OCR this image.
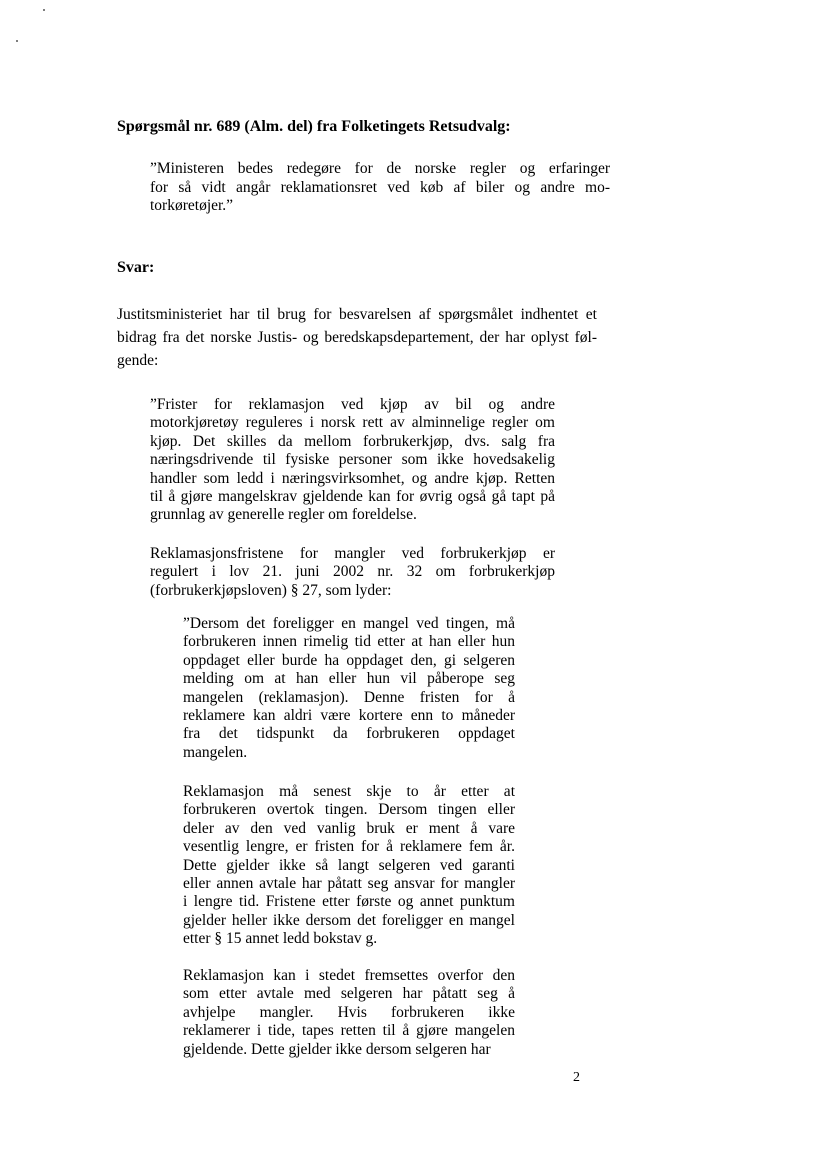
Spørgsmål nr. 689 (Alm. del) fra Folketingets Retsudvalg:
”Ministeren bedes redegøre for de norske regler og erfaringer
for så vidt angår reklamationsret ved køb af biler og andre mo-
torkøretøjer.”
Svar:
Justitsministeriet har til brug for besvarelsen af spørgsmålet indhentet et
bidrag fra det norske Justis- og beredskapsdepartement, der har oplyst føl-
gende:
”Frister for reklamasjon ved kjøp av bil og andre
motorkjøretøy reguleres i norsk rett av alminnelige regler om
kjøp. Det skilles da mellom forbrukerkjøp, dvs. salg fra
næringsdrivende til fysiske personer som ikke hovedsakelig
handler som ledd i næringsvirksomhet, og andre kjøp. Retten
til å gjøre mangelskrav gjeldende kan for øvrig også gå tapt på
grunnlag av generelle regler om foreldelse.
Reklamasjonsfristene for mangler ved forbrukerkjøp er
regulert i lov 21. juni 2002 nr. 32 om forbrukerkjøp
(forbrukerkjøpsloven) § 27, som lyder:
”Dersom det foreligger en mangel ved tingen, må
forbrukeren innen rimelig tid etter at han eller hun
oppdaget eller burde ha oppdaget den, gi selgeren
melding om at han eller hun vil påberope seg
mangelen (reklamasjon). Denne fristen for å
reklamere kan aldri være kortere enn to måneder
fra det tidspunkt da forbrukeren oppdaget
mangelen.
Reklamasjon må senest skje to år etter at
forbrukeren overtok tingen. Dersom tingen eller
deler av den ved vanlig bruk er ment å vare
vesentlig lengre, er fristen for å reklamere fem år.
Dette gjelder ikke så langt selgeren ved garanti
eller annen avtale har påtatt seg ansvar for mangler
i lengre tid. Fristene etter første og annet punktum
gjelder heller ikke dersom det foreligger en mangel
etter § 15 annet ledd bokstav g.
Reklamasjon kan i stedet fremsettes overfor den
som etter avtale med selgeren har påtatt seg å
avhjelpe mangler. Hvis forbrukeren ikke
reklamerer i tide, tapes retten til å gjøre mangelen
gjeldende. Dette gjelder ikke dersom selgeren har
2
